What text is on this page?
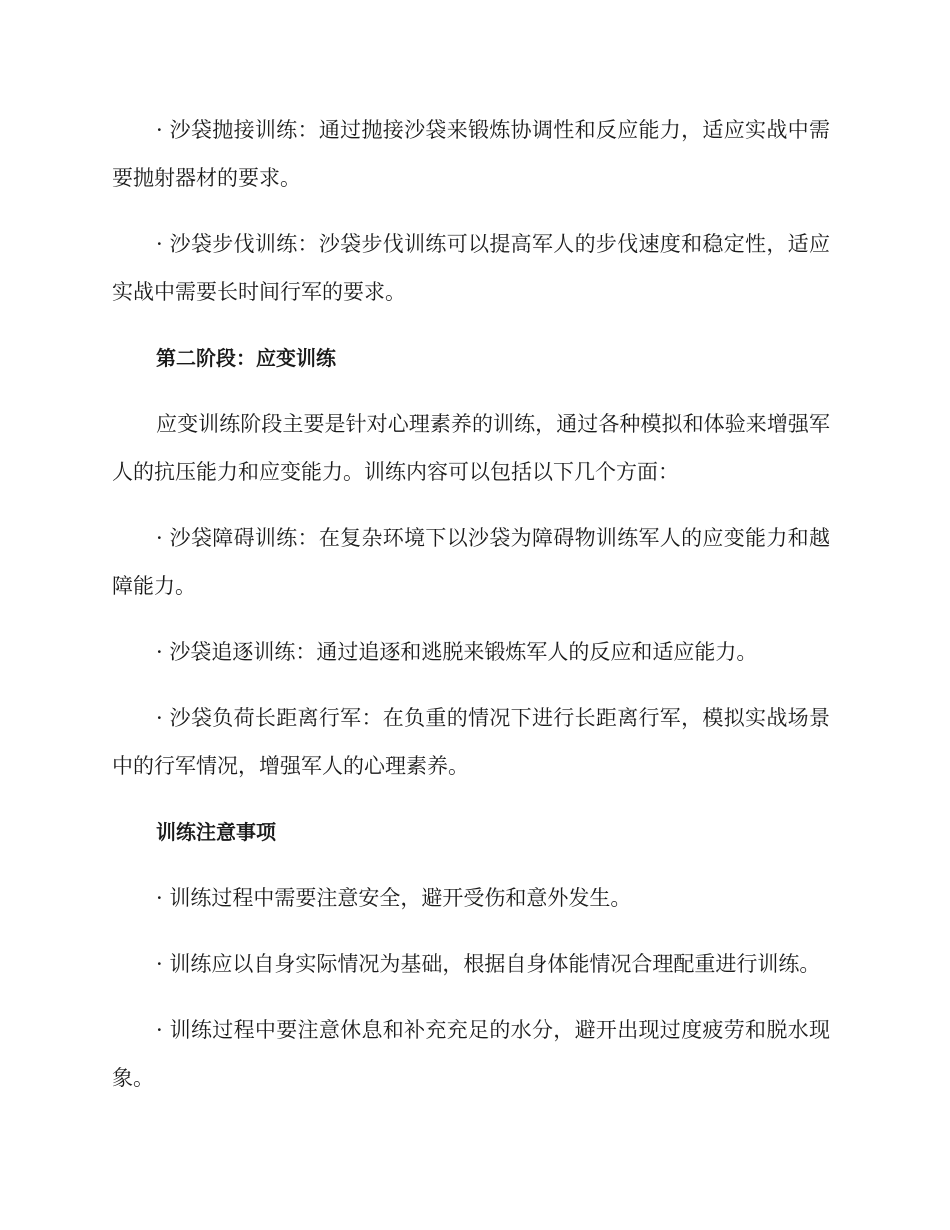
· 沙袋抛接训练：通过抛接沙袋来锻炼协调性和反应能力，适应实战中需要抛射器材的要求。

· 沙袋步伐训练：沙袋步伐训练可以提高军人的步伐速度和稳定性，适应实战中需要长时间行军的要求。

第二阶段：应变训练

应变训练阶段主要是针对心理素养的训练，通过各种模拟和体验来增强军人的抗压能力和应变能力。训练内容可以包括以下几个方面：

· 沙袋障碍训练：在复杂环境下以沙袋为障碍物训练军人的应变能力和越障能力。

· 沙袋追逐训练：通过追逐和逃脱来锻炼军人的反应和适应能力。

· 沙袋负荷长距离行军：在负重的情况下进行长距离行军，模拟实战场景中的行军情况，增强军人的心理素养。

训练注意事项

· 训练过程中需要注意安全，避开受伤和意外发生。

· 训练应以自身实际情况为基础，根据自身体能情况合理配重进行训练。

· 训练过程中要注意休息和补充充足的水分，避开出现过度疲劳和脱水现象。
